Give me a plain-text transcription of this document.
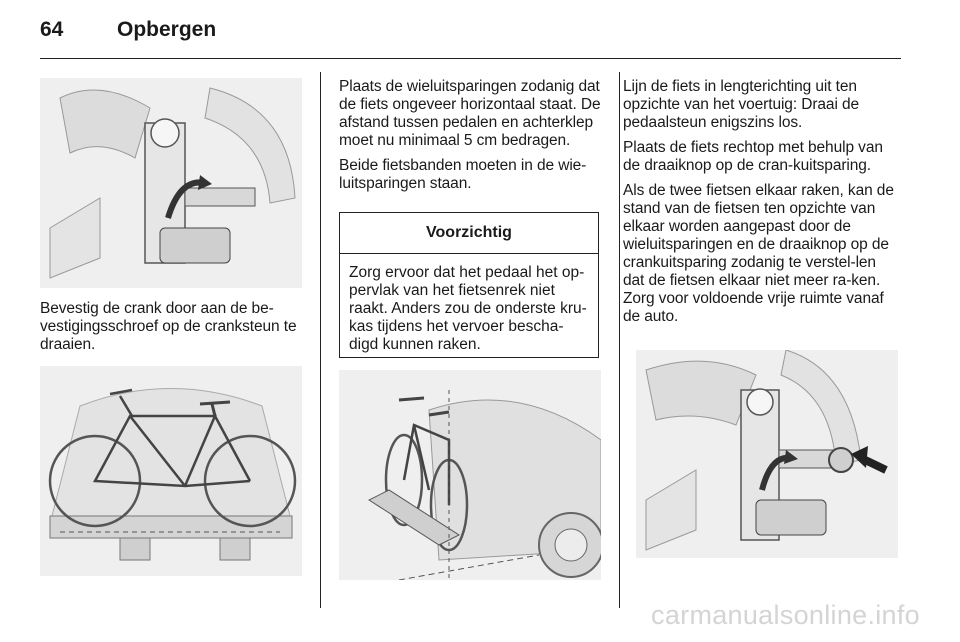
64	Opbergen

Bevestig de crank door aan de be-vestigingsschroef op de cranksteun te draaien.

Plaats de wieluitsparingen zodanig dat de fiets ongeveer horizontaal staat. De afstand tussen pedalen en achterklep moet nu minimaal 5 cm bedragen.

Beide fietsbanden moeten in de wie-luitsparingen staan.

Voorzichtig
Zorg ervoor dat het pedaal het op-pervlak van het fietsenrek niet raakt. Anders zou de onderste kru-kas tijdens het vervoer bescha-digd kunnen raken.

Lijn de fiets in lengterichting uit ten opzichte van het voertuig: Draai de pedaalsteun enigszins los.

Plaats de fiets rechtop met behulp van de draaiknop op de cran-kuitsparing.

Als de twee fietsen elkaar raken, kan de stand van de fietsen ten opzichte van elkaar worden aangepast door de wieluitsparingen en de draaiknop op de crankuitsparing zodanig te verstel-len dat de fietsen elkaar niet meer ra-ken. Zorg voor voldoende vrije ruimte vanaf de auto.

carmanualsonline.info
